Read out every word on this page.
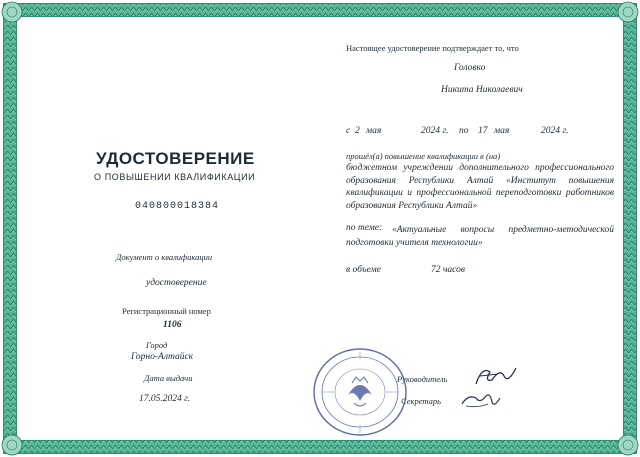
УДОСТОВЕРЕНИЕ
О ПОВЫШЕНИИ КВАЛИФИКАЦИИ
040800018384
Документ о квалификации
удостоверение
Регистрационный номер
1106
Город
Горно-Алтайск
Дата выдачи
17.05.2024 г.
Настоящее удостоверение подтверждает то, что
Головко
Никита Николаевич
с 2 мая	2024 г. по 17 мая	2024 г.
прошёл(а) повышение квалификации в (на)
бюджетном учреждении дополнительного профессионального образования Республики Алтай «Институт повышения квалификации и профессиональной переподготовки работников образования Республики Алтай»
по теме:	«Актуальные вопросы предметно-методической подготовки учителя технологии»
в объеме	72 часов
Руководитель
Секретарь
